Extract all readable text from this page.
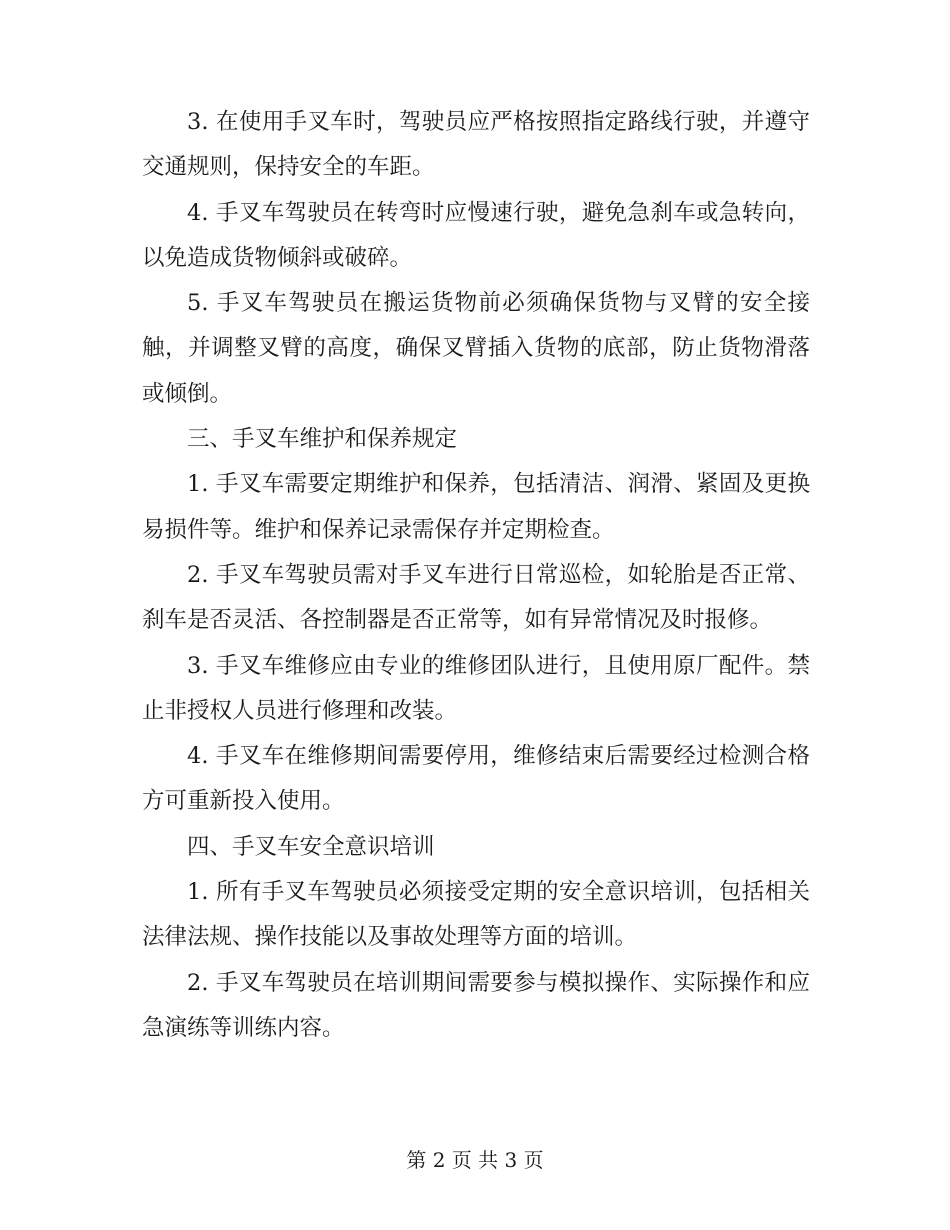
3. 在使用手叉车时，驾驶员应严格按照指定路线行驶，并遵守交通规则，保持安全的车距。

4. 手叉车驾驶员在转弯时应慢速行驶，避免急刹车或急转向，以免造成货物倾斜或破碎。

5. 手叉车驾驶员在搬运货物前必须确保货物与叉臂的安全接触，并调整叉臂的高度，确保叉臂插入货物的底部，防止货物滑落或倾倒。

三、手叉车维护和保养规定

1. 手叉车需要定期维护和保养，包括清洁、润滑、紧固及更换易损件等。维护和保养记录需保存并定期检查。

2. 手叉车驾驶员需对手叉车进行日常巡检，如轮胎是否正常、刹车是否灵活、各控制器是否正常等，如有异常情况及时报修。

3. 手叉车维修应由专业的维修团队进行，且使用原厂配件。禁止非授权人员进行修理和改装。

4. 手叉车在维修期间需要停用，维修结束后需要经过检测合格方可重新投入使用。

四、手叉车安全意识培训

1. 所有手叉车驾驶员必须接受定期的安全意识培训，包括相关法律法规、操作技能以及事故处理等方面的培训。

2. 手叉车驾驶员在培训期间需要参与模拟操作、实际操作和应急演练等训练内容。

第 2 页 共 3 页
